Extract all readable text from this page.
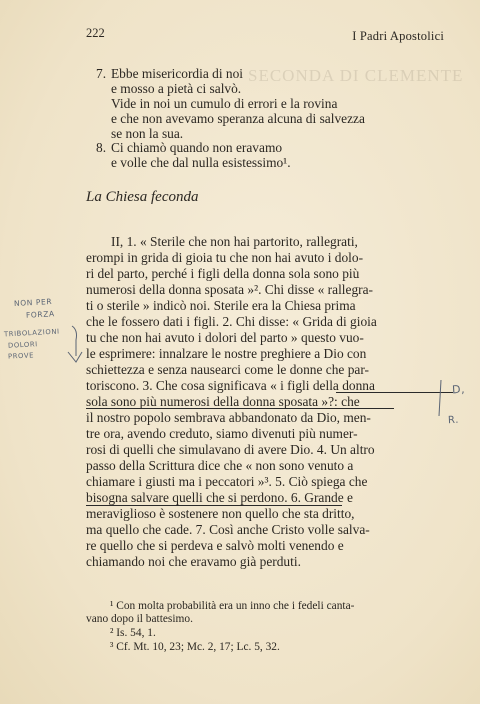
SECONDA DI CLEMENTE
222	I Padri Apostolici
7. Ebbe misericordia di noi
e mosso a pietà ci salvò.
Vide in noi un cumulo di errori e la rovina
e che non avevamo speranza alcuna di salvezza
se non la sua.
8. Ci chiamò quando non eravamo
e volle che dal nulla esistessimo¹.
La Chiesa feconda
II, 1. « Sterile che non hai partorito, rallegrati,
erompi in grida di gioia tu che non hai avuto i dolo-
ri del parto, perché i figli della donna sola sono più
numerosi della donna sposata »². Chi disse « rallegra-
ti o sterile » indicò noi. Sterile era la Chiesa prima
che le fossero dati i figli. 2. Chi disse: « Grida di gioia
tu che non hai avuto i dolori del parto » questo vuo-
le esprimere: innalzare le nostre preghiere a Dio con
schiettezza e senza nausearci come le donne che par-
toriscono. 3. Che cosa significava « i figli della donna
sola sono più numerosi della donna sposata »?: che
il nostro popolo sembrava abbandonato da Dio, men-
tre ora, avendo creduto, siamo divenuti più numer-
rosi di quelli che simulavano di avere Dio. 4. Un altro
passo della Scrittura dice che « non sono venuto a
chiamare i giusti ma i peccatori »³. 5. Ciò spiega che
bisogna salvare quelli che si perdono. 6. Grande e
meraviglioso è sostenere non quello che sta dritto,
ma quello che cade. 7. Così anche Cristo volle salva-
re quello che si perdeva e salvò molti venendo e
chiamando noi che eravamo già perduti.
¹ Con molta probabilità era un inno che i fedeli canta-
vano dopo il battesimo.
² Is. 54, 1.
³ Cf. Mt. 10, 23; Mc. 2, 17; Lc. 5, 32.
NON PER
FORZA
TRIBOLAZIONI
DOLORI
PROVE
D,
R.
